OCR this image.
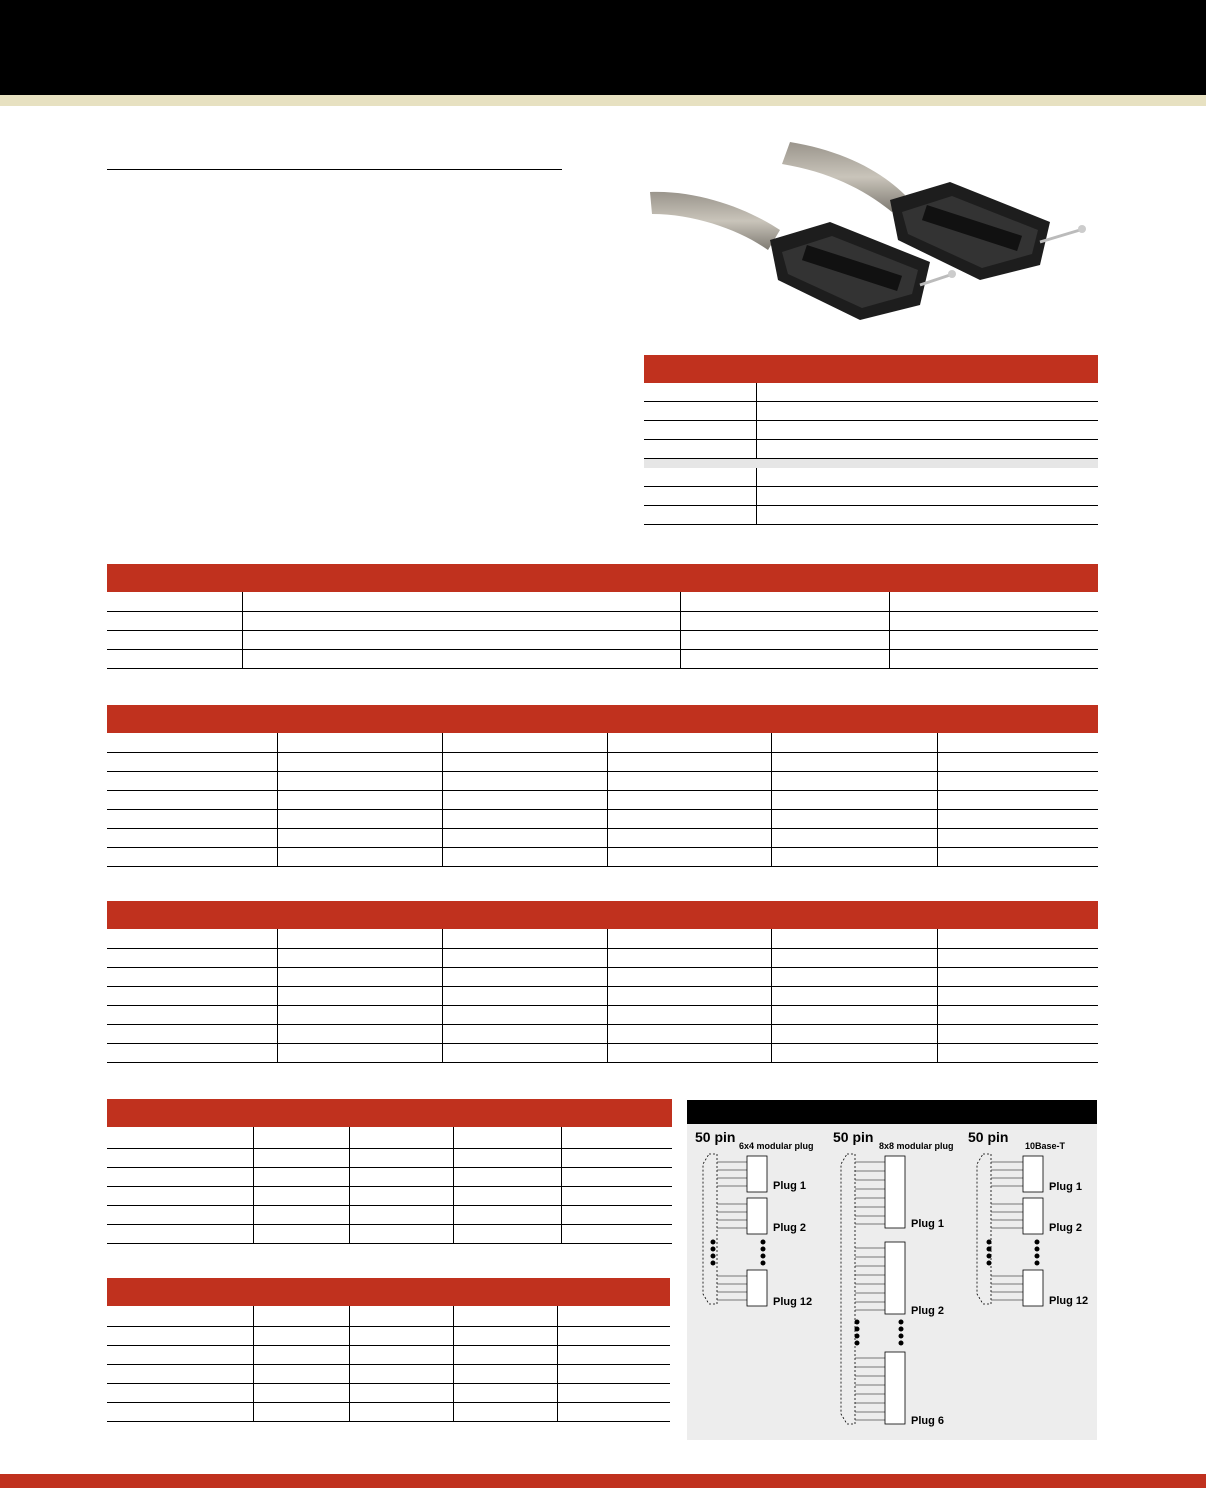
50 pin
6x4 modular plug
Plug 1
Plug 2
Plug 12
50 pin
8x8 modular plug
Plug 1
Plug 2
Plug 6
50 pin
10Base-T
Plug 1
Plug 2
Plug 12
